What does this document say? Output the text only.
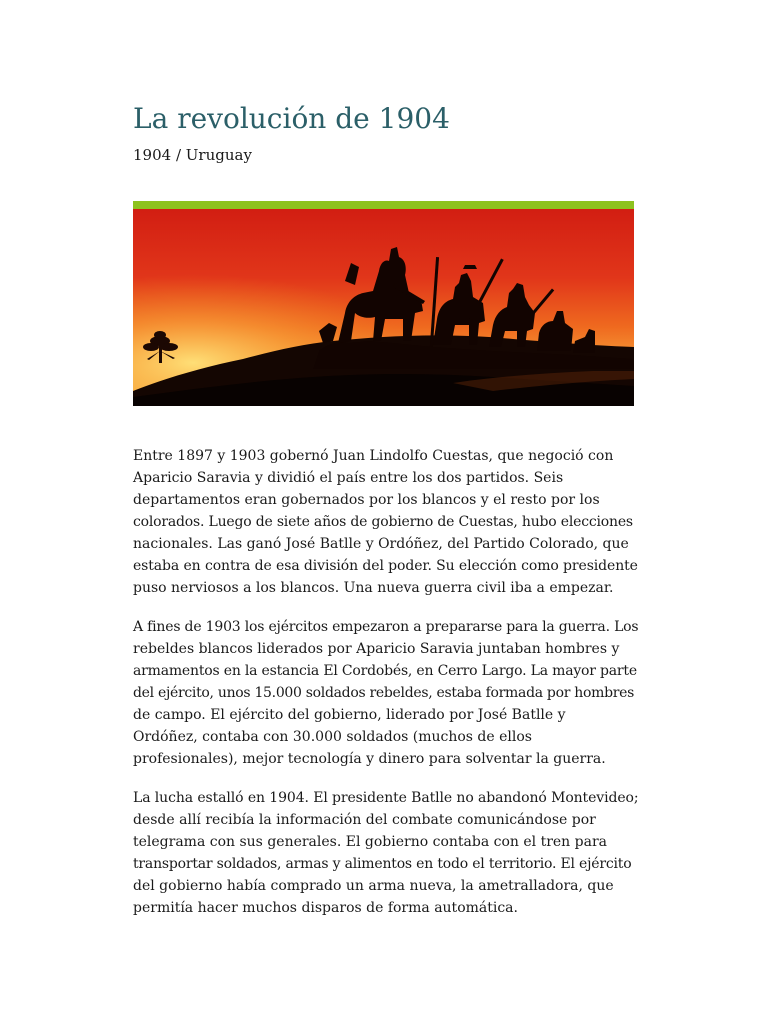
La revolución de 1904

1904 / Uruguay

Entre 1897 y 1903 gobernó Juan Lindolfo Cuestas, que negoció con
Aparicio Saravia y dividió el país entre los dos partidos. Seis
departamentos eran gobernados por los blancos y el resto por los
colorados. Luego de siete años de gobierno de Cuestas, hubo elecciones
nacionales. Las ganó José Batlle y Ordóñez, del Partido Colorado, que
estaba en contra de esa división del poder. Su elección como presidente
puso nerviosos a los blancos. Una nueva guerra civil iba a empezar.

A fines de 1903 los ejércitos empezaron a prepararse para la guerra. Los
rebeldes blancos liderados por Aparicio Saravia juntaban hombres y
armamentos en la estancia El Cordobés, en Cerro Largo. La mayor parte
del ejército, unos 15.000 soldados rebeldes, estaba formada por hombres
de campo. El ejército del gobierno, liderado por José Batlle y
Ordóñez, contaba con 30.000 soldados (muchos de ellos
profesionales), mejor tecnología y dinero para solventar la guerra.

La lucha estalló en 1904. El presidente Batlle no abandonó Montevideo;
desde allí recibía la información del combate comunicándose por
telegrama con sus generales. El gobierno contaba con el tren para
transportar soldados, armas y alimentos en todo el territorio. El ejército
del gobierno había comprado un arma nueva, la ametralladora, que
permitía hacer muchos disparos de forma automática.
